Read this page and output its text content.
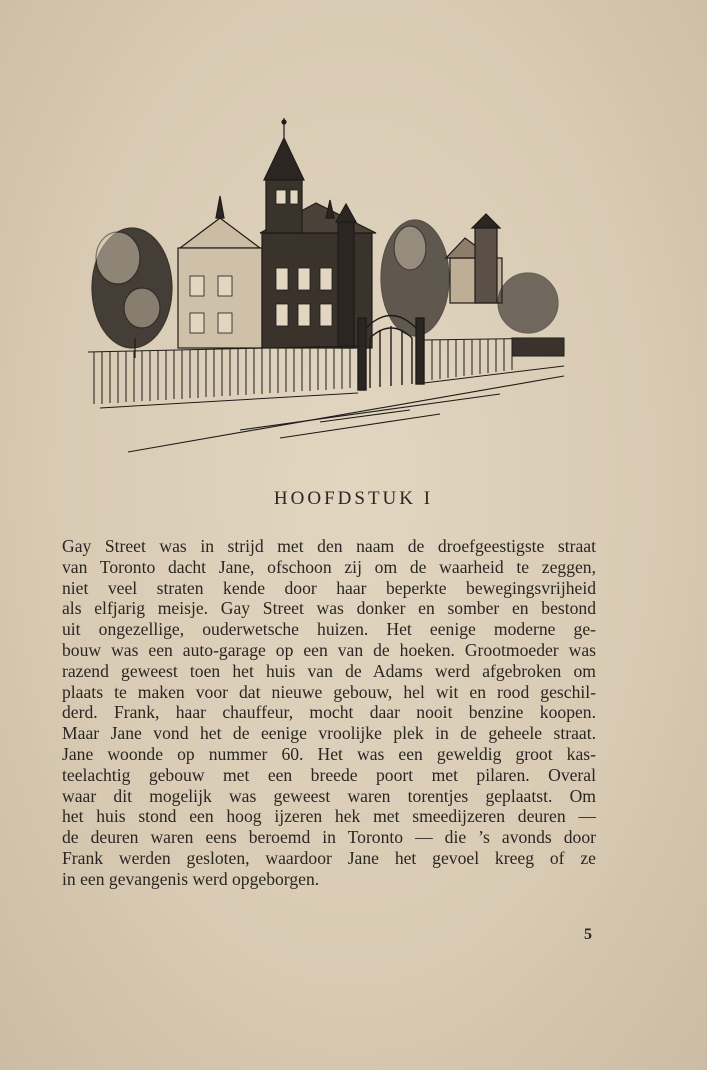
HOOFDSTUK I
Gay Street was in strijd met den naam de droefgeestigste straat
van Toronto dacht Jane, ofschoon zij om de waarheid te zeggen,
niet veel straten kende door haar beperkte bewegingsvrijheid
als elfjarig meisje. Gay Street was donker en somber en bestond
uit ongezellige, ouderwetsche huizen. Het eenige moderne ge-
bouw was een auto-garage op een van de hoeken. Grootmoeder was
razend geweest toen het huis van de Adams werd afgebroken om
plaats te maken voor dat nieuwe gebouw, hel wit en rood geschil-
derd. Frank, haar chauffeur, mocht daar nooit benzine koopen.
Maar Jane vond het de eenige vroolijke plek in de geheele straat.
Jane woonde op nummer 60. Het was een geweldig groot kas-
teelachtig gebouw met een breede poort met pilaren. Overal
waar dit mogelijk was geweest waren torentjes geplaatst. Om
het huis stond een hoog ijzeren hek met smeedijzeren deuren —
de deuren waren eens beroemd in Toronto — die ’s avonds door
Frank werden gesloten, waardoor Jane het gevoel kreeg of ze
in een gevangenis werd opgeborgen.
5
